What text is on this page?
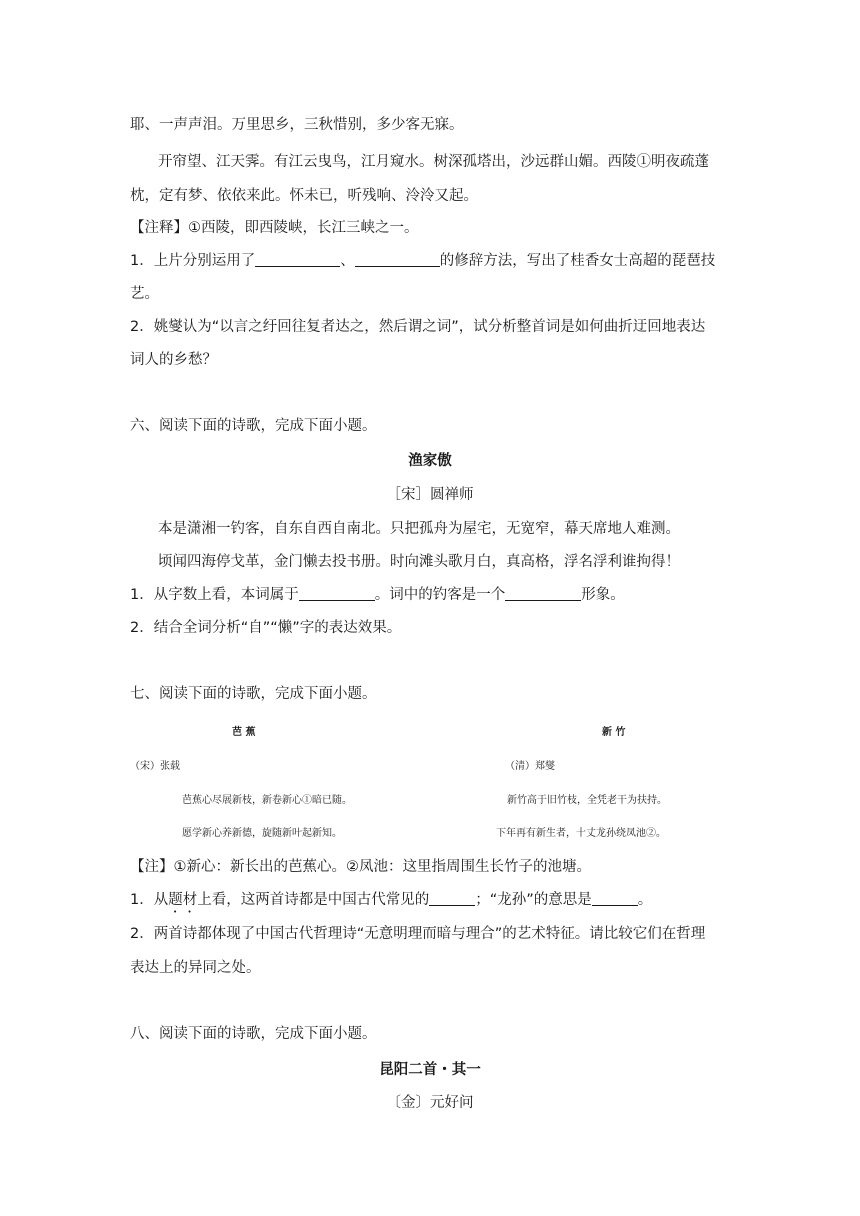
耶、一声声泪。万里思乡，三秋惜别，多少客无寐。
开帘望、江天霁。有江云曳鸟，江月窥水。树深孤塔出，沙远群山媚。西陵①明夜疏蓬
枕，定有梦、依依来此。怀未已，听残响、泠泠又起。
【注释】①西陵，即西陵峡，长江三峡之一。
1．上片分别运用了	、	的修辞方法，写出了桂香女士高超的琵琶技
艺。
2．姚燮认为“以言之纡回往复者达之，然后谓之词”，试分析整首词是如何曲折迂回地表达
词人的乡愁？
六、阅读下面的诗歌，完成下面小题。
渔家傲
［宋］圆禅师
本是潇湘一钓客，自东自西自南北。只把孤舟为屋宅，无宽窄，幕天席地人难测。
顷闻四海停戈革，金门懒去投书册。时向滩头歌月白，真高格，浮名浮利谁拘得！
1．从字数上看，本词属于	。词中的钓客是一个	形象。
2．结合全词分析“自”“懒”字的表达效果。
七、阅读下面的诗歌，完成下面小题。
芭 蕉	新 竹
（宋）张载	（清）郑燮
芭蕉心尽展新枝，新卷新心①暗已随。	新竹高于旧竹枝，全凭老干为扶持。
愿学新心养新德，旋随新叶起新知。	下年再有新生者，十丈龙孙绕凤池②。
【注】①新心：新长出的芭蕉心。②凤池：这里指周围生长竹子的池塘。
1．从题材上看，这两首诗都是中国古代常见的	；“龙孙”的意思是	。
2．两首诗都体现了中国古代哲理诗“无意明理而暗与理合”的艺术特征。请比较它们在哲理
表达上的异同之处。
八、阅读下面的诗歌，完成下面小题。
昆阳二首・其一
〔金〕元好问
